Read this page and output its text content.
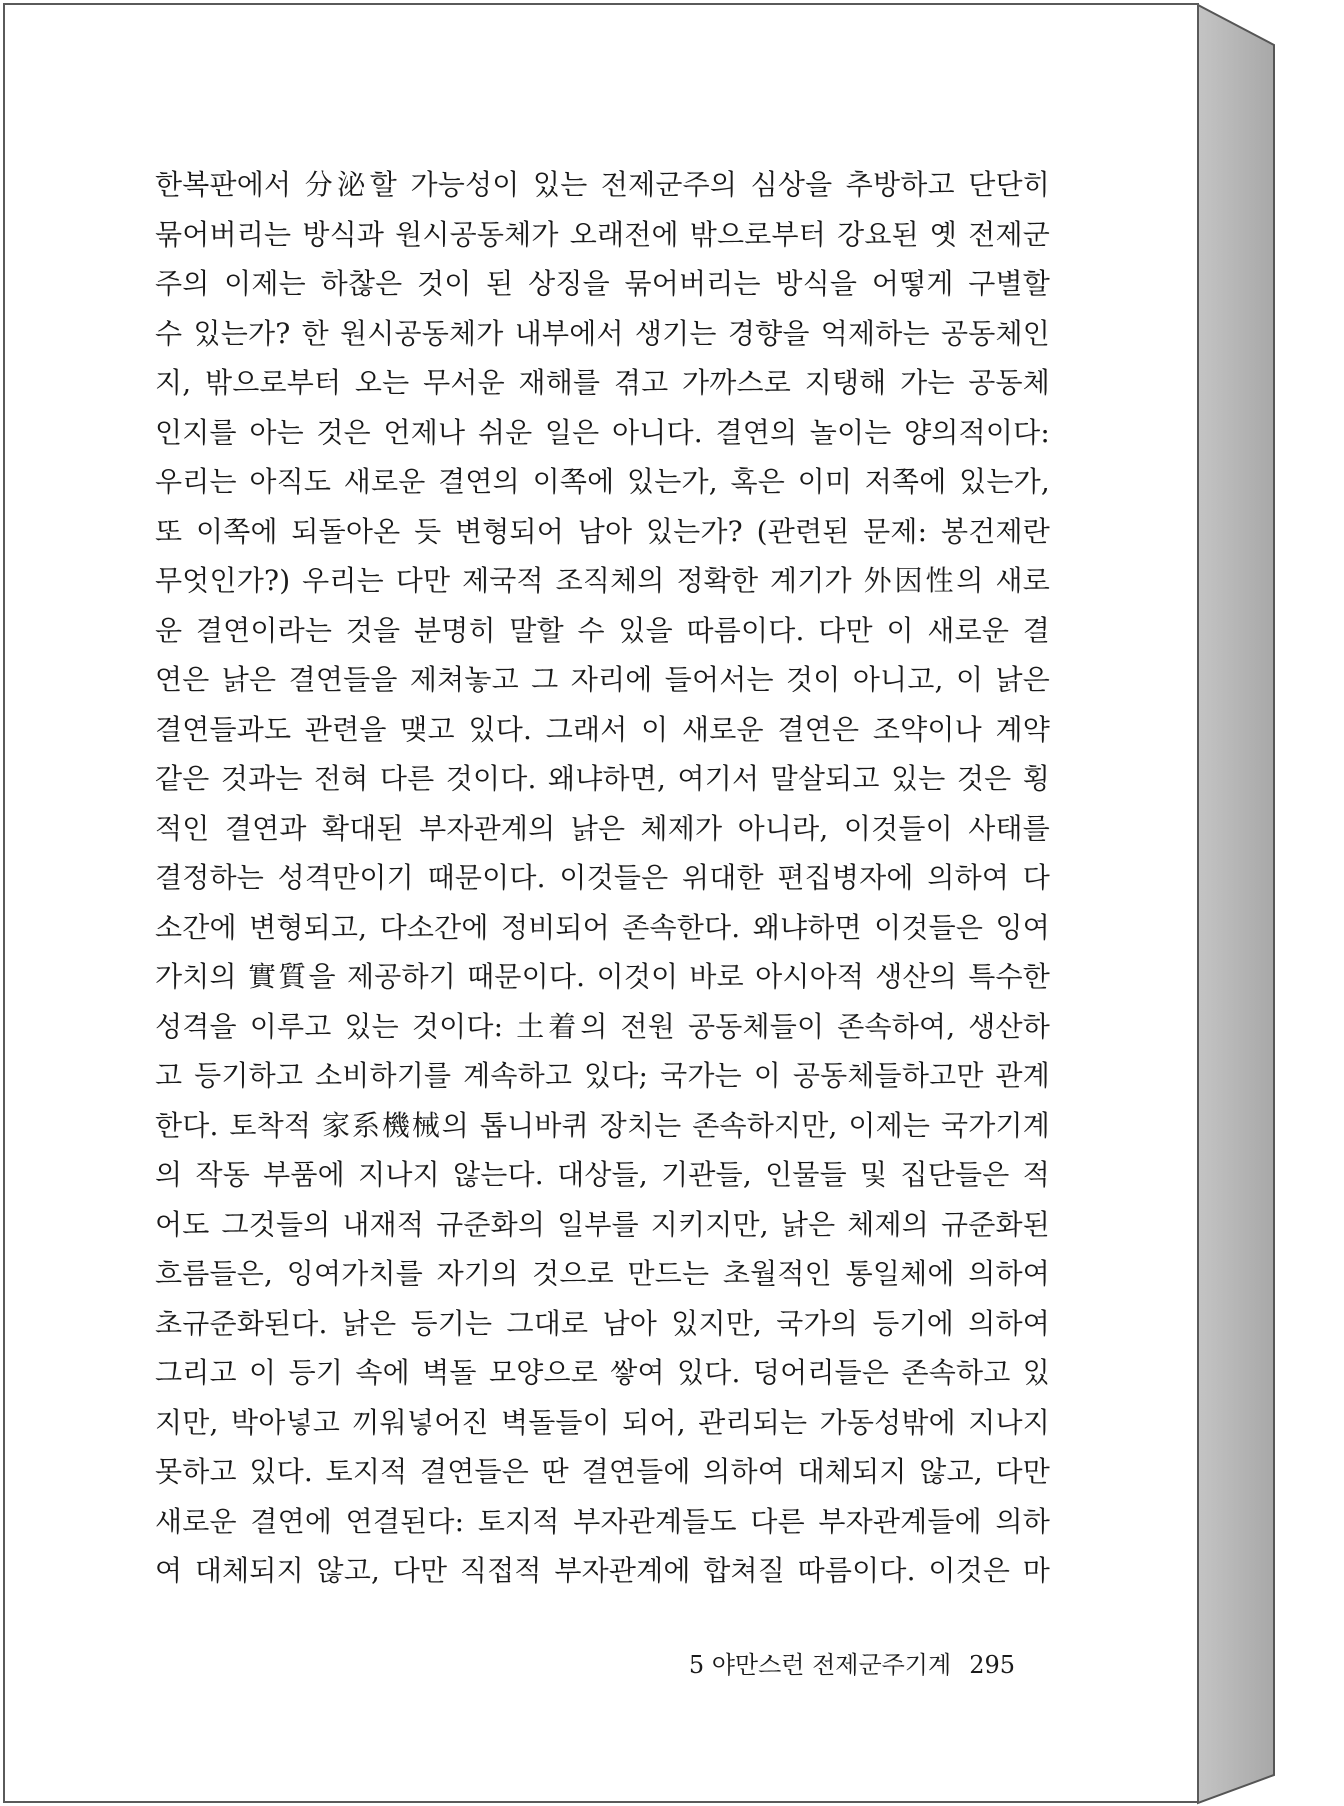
한복판에서 分泌할 가능성이 있는 전제군주의 심상을 추방하고 단단히
묶어버리는 방식과 원시공동체가 오래전에 밖으로부터 강요된 옛 전제군
주의 이제는 하찮은 것이 된 상징을 묶어버리는 방식을 어떻게 구별할
수 있는가? 한 원시공동체가 내부에서 생기는 경향을 억제하는 공동체인
지, 밖으로부터 오는 무서운 재해를 겪고 가까스로 지탱해 가는 공동체
인지를 아는 것은 언제나 쉬운 일은 아니다. 결연의 놀이는 양의적이다:
우리는 아직도 새로운 결연의 이쪽에 있는가, 혹은 이미 저쪽에 있는가,
또 이쪽에 되돌아온 듯 변형되어 남아 있는가? (관련된 문제: 봉건제란
무엇인가?) 우리는 다만 제국적 조직체의 정확한 계기가 外因性의 새로
운 결연이라는 것을 분명히 말할 수 있을 따름이다. 다만 이 새로운 결
연은 낡은 결연들을 제쳐놓고 그 자리에 들어서는 것이 아니고, 이 낡은
결연들과도 관련을 맺고 있다. 그래서 이 새로운 결연은 조약이나 계약
같은 것과는 전혀 다른 것이다. 왜냐하면, 여기서 말살되고 있는 것은 횡
적인 결연과 확대된 부자관계의 낡은 체제가 아니라, 이것들이 사태를
결정하는 성격만이기 때문이다. 이것들은 위대한 편집병자에 의하여 다
소간에 변형되고, 다소간에 정비되어 존속한다. 왜냐하면 이것들은 잉여
가치의 實質을 제공하기 때문이다. 이것이 바로 아시아적 생산의 특수한
성격을 이루고 있는 것이다: 土着의 전원 공동체들이 존속하여, 생산하
고 등기하고 소비하기를 계속하고 있다; 국가는 이 공동체들하고만 관계
한다. 토착적 家系機械의 톱니바퀴 장치는 존속하지만, 이제는 국가기계
의 작동 부품에 지나지 않는다. 대상들, 기관들, 인물들 및 집단들은 적
어도 그것들의 내재적 규준화의 일부를 지키지만, 낡은 체제의 규준화된
흐름들은, 잉여가치를 자기의 것으로 만드는 초월적인 통일체에 의하여
초규준화된다. 낡은 등기는 그대로 남아 있지만, 국가의 등기에 의하여
그리고 이 등기 속에 벽돌 모양으로 쌓여 있다. 덩어리들은 존속하고 있
지만, 박아넣고 끼워넣어진 벽돌들이 되어, 관리되는 가동성밖에 지나지
못하고 있다. 토지적 결연들은 딴 결연들에 의하여 대체되지 않고, 다만
새로운 결연에 연결된다: 토지적 부자관계들도 다른 부자관계들에 의하
여 대체되지 않고, 다만 직접적 부자관계에 합쳐질 따름이다. 이것은 마
5 야만스런 전제군주기계 295
